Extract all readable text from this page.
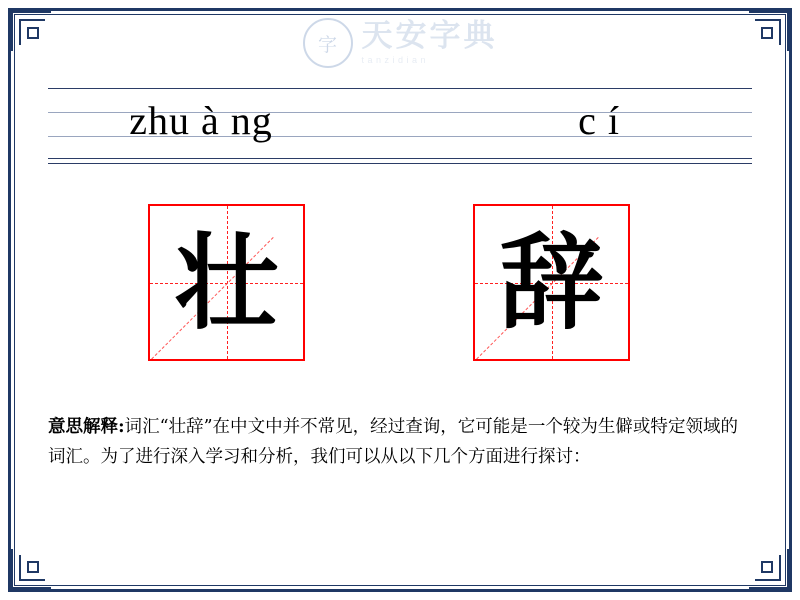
字 天安字典
tanzidian
zhu à ng	c í
壮 辞
意思解释:词汇“壮辞”在中文中并不常见，经过查询，它可能是一个较为生僻或特定领域的词汇。为了进行深入学习和分析，我们可以从以下几个方面进行探讨：
